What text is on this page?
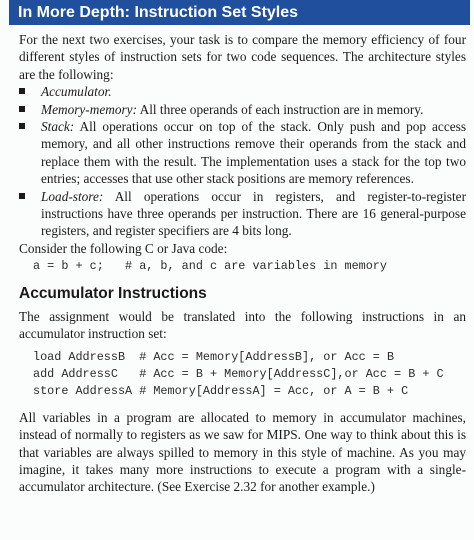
In More Depth: Instruction Set Styles

For the next two exercises, your task is to compare the memory efficiency of four different styles of instruction sets for two code sequences. The architecture styles are the following:

Accumulator.
Memory-memory: All three operands of each instruction are in memory.
Stack: All operations occur on top of the stack. Only push and pop access memory, and all other instructions remove their operands from the stack and replace them with the result. The implementation uses a stack for the top two entries; accesses that use other stack positions are memory references.
Load-store: All operations occur in registers, and register-to-register instructions have three operands per instruction. There are 16 general-purpose registers, and register specifiers are 4 bits long.

Consider the following C or Java code:

a = b + c;   # a, b, and c are variables in memory
Accumulator Instructions

The assignment would be translated into the following instructions in an accumulator instruction set:

load AddressB  # Acc = Memory[AddressB], or Acc = B
add AddressC   # Acc = B + Memory[AddressC],or Acc = B + C
store AddressA # Memory[AddressA] = Acc, or A = B + C

All variables in a program are allocated to memory in accumulator machines, instead of normally to registers as we saw for MIPS. One way to think about this is that variables are always spilled to memory in this style of machine. As you may imagine, it takes many more instructions to execute a program with a single-accumulator architecture. (See Exercise 2.32 for another example.)
